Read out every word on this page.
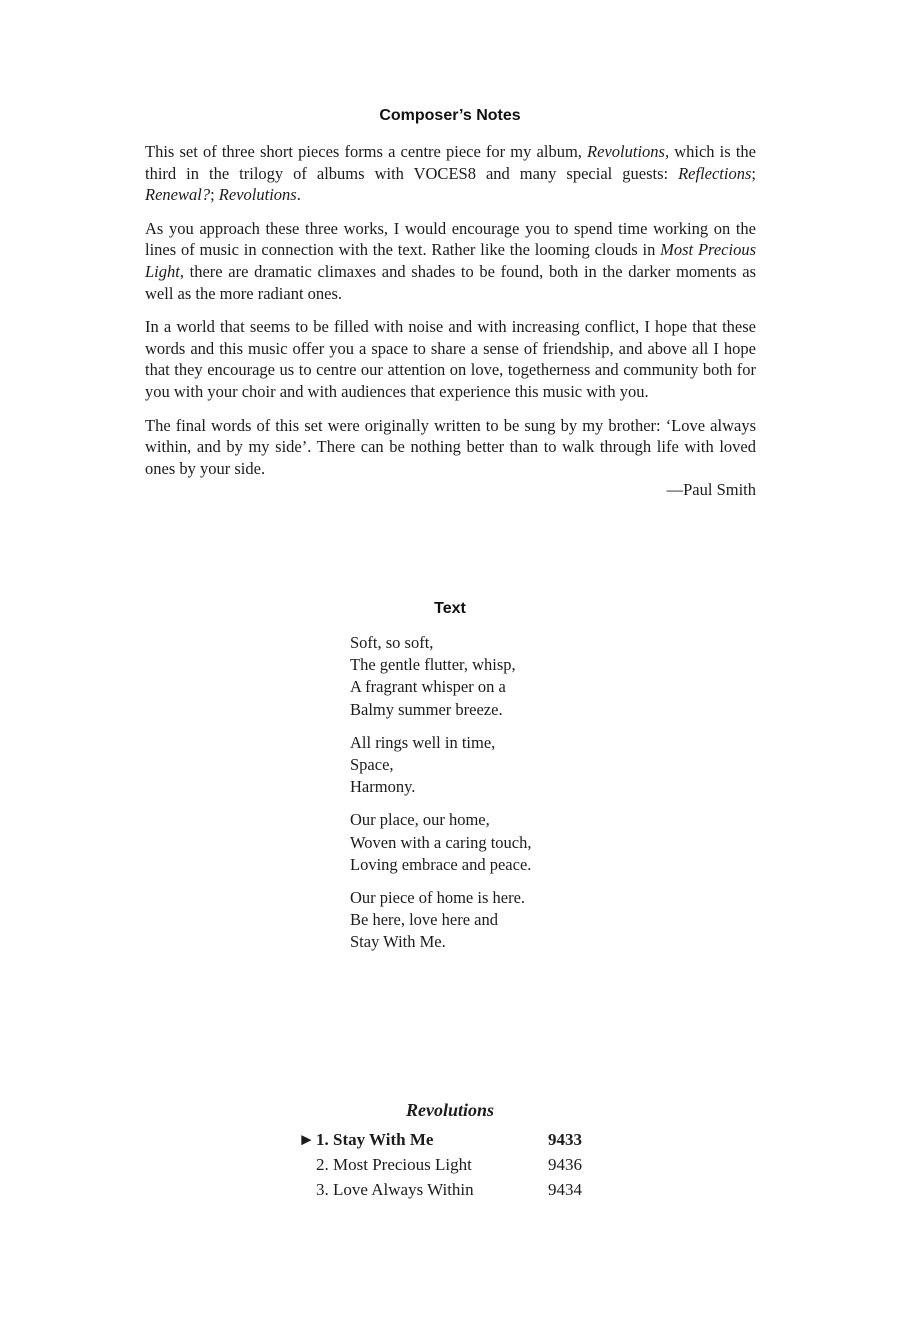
Composer’s Notes

This set of three short pieces forms a centre piece for my album, Revolutions, which is the third in the trilogy of albums with VOCES8 and many special guests: Reflections; Renewal?; Revolutions.

As you approach these three works, I would encourage you to spend time working on the lines of music in connection with the text. Rather like the looming clouds in Most Precious Light, there are dramatic climaxes and shades to be found, both in the darker moments as well as the more radiant ones.

In a world that seems to be filled with noise and with increasing conflict, I hope that these words and this music offer you a space to share a sense of friendship, and above all I hope that they encourage us to centre our attention on love, togetherness and community both for you with your choir and with audiences that experience this music with you.

The final words of this set were originally written to be sung by my brother: ‘Love always within, and by my side’. There can be nothing better than to walk through life with loved ones by your side.

—Paul Smith
Text
Soft, so soft,
The gentle flutter, whisp,
A fragrant whisper on a
Balmy summer breeze.
All rings well in time,
Space,
Harmony.
Our place, our home,
Woven with a caring touch,
Loving embrace and peace.
Our piece of home is here.
Be here, love here and
Stay With Me.
Revolutions
► 1. Stay With Me	9433
2. Most Precious Light	9436
3. Love Always Within	9434
